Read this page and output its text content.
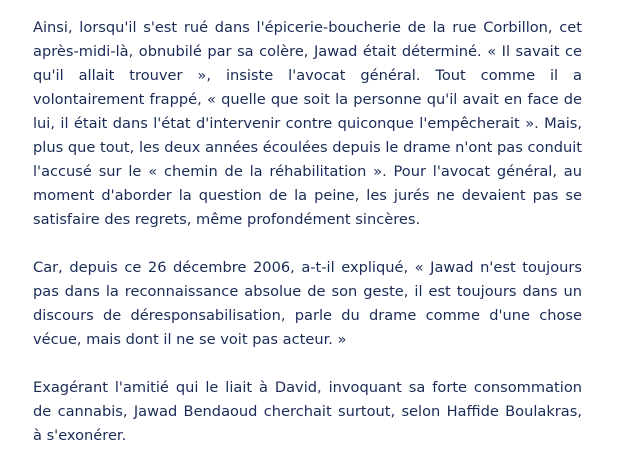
Ainsi, lorsqu'il s'est rué dans l'épicerie-boucherie de la rue Corbillon, cet après-midi-là, obnubilé par sa colère, Jawad était déterminé. « Il savait ce qu'il allait trouver », insiste l'avocat général. Tout comme il a volontairement frappé, « quelle que soit la personne qu'il avait en face de lui, il était dans l'état d'intervenir contre quiconque l'empêcherait ». Mais, plus que tout, les deux années écoulées depuis le drame n'ont pas conduit l'accusé sur le « chemin de la réhabilitation ». Pour l'avocat général, au moment d'aborder la question de la peine, les jurés ne devaient pas se satisfaire des regrets, même profondément sincères.

Car, depuis ce 26 décembre 2006, a-t-il expliqué, « Jawad n'est toujours pas dans la reconnaissance absolue de son geste, il est toujours dans un discours de déresponsabilisation, parle du drame comme d'une chose vécue, mais dont il ne se voit pas acteur. »

Exagérant l'amitié qui le liait à David, invoquant sa forte consommation de cannabis, Jawad Bendaoud cherchait surtout, selon Haffide Boulakras, à s'exonérer.
